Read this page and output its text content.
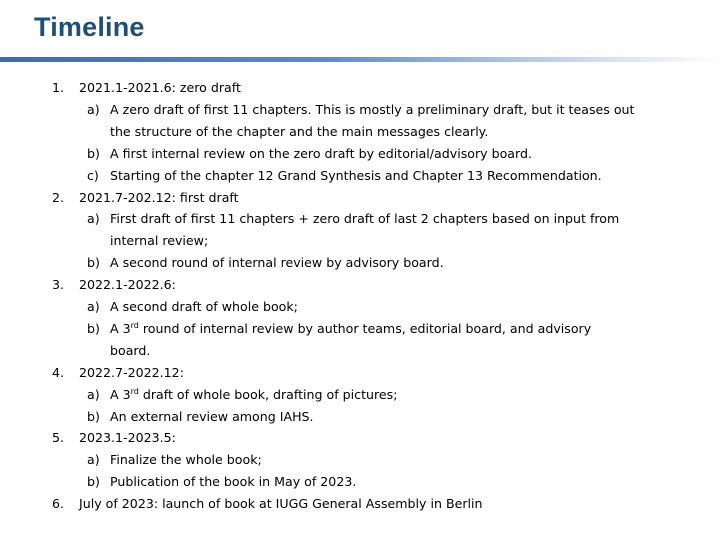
Timeline
1. 2021.1-2021.6: zero draft
a) A zero draft of first 11 chapters. This is mostly a preliminary draft, but it teases out
the structure of the chapter and the main messages clearly.
b) A first internal review on the zero draft by editorial/advisory board.
c) Starting of the chapter 12 Grand Synthesis and Chapter 13 Recommendation.
2. 2021.7-202.12: first draft
a) First draft of first 11 chapters + zero draft of last 2 chapters based on input from
internal review;
b) A second round of internal review by advisory board.
3. 2022.1-2022.6:
a) A second draft of whole book;
b) A 3rd round of internal review by author teams, editorial board, and advisory
board.
4. 2022.7-2022.12:
a) A 3rd draft of whole book, drafting of pictures;
b) An external review among IAHS.
5. 2023.1-2023.5:
a) Finalize the whole book;
b) Publication of the book in May of 2023.
6. July of 2023: launch of book at IUGG General Assembly in Berlin
